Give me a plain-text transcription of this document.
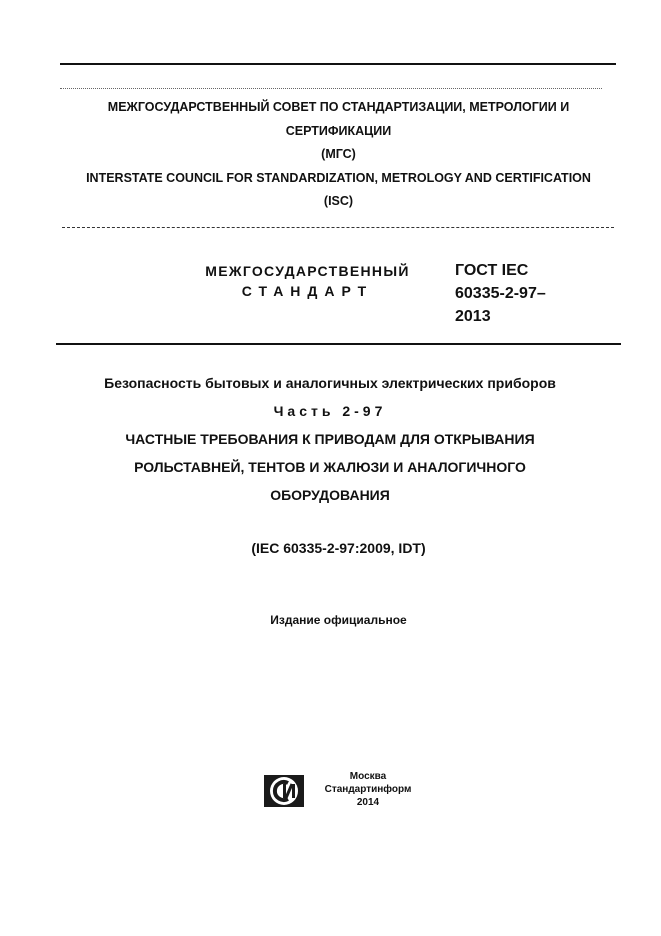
МЕЖГОСУДАРСТВЕННЫЙ СОВЕТ ПО СТАНДАРТИЗАЦИИ, МЕТРОЛОГИИ И
СЕРТИФИКАЦИИ
(МГС)
INTERSTATE COUNCIL FOR STANDARDIZATION, METROLOGY AND CERTIFICATION
(ISC)
МЕЖГОСУДАРСТВЕННЫЙ
СТАНДАРТ
ГОСТ IEC
60335-2-97–
2013
Безопасность бытовых и аналогичных электрических приборов
Часть 2-97
ЧАСТНЫЕ ТРЕБОВАНИЯ К ПРИВОДАМ ДЛЯ ОТКРЫВАНИЯ
РОЛЬСТАВНЕЙ, ТЕНТОВ И ЖАЛЮЗИ И АНАЛОГИЧНОГО
ОБОРУДОВАНИЯ
(IEC 60335-2-97:2009, IDT)
Издание официальное
Москва
Стандартинформ
2014
